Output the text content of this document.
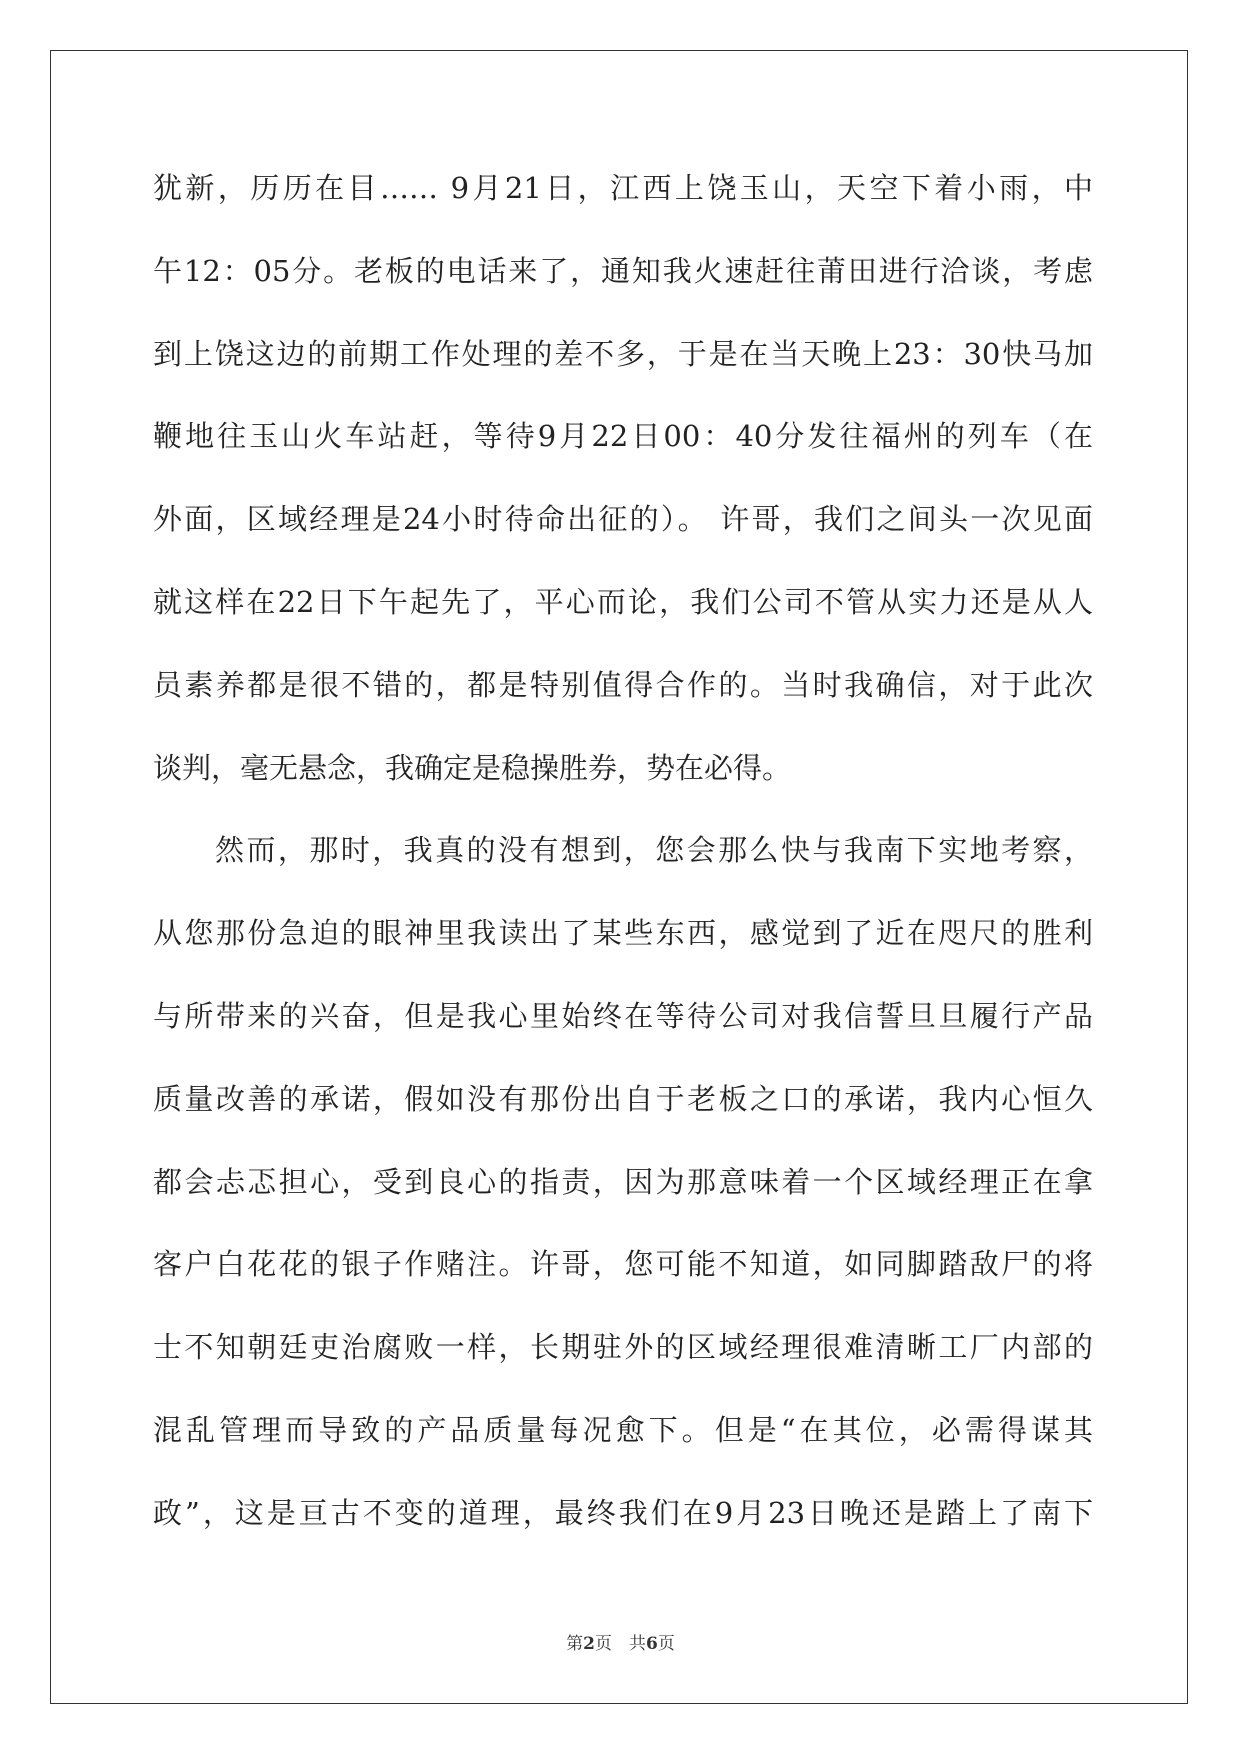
犹新，历历在目…… 9月21日，江西上饶玉山，天空下着小雨，中
午12：05分。老板的电话来了，通知我火速赶往莆田进行洽谈，考虑
到上饶这边的前期工作处理的差不多，于是在当天晚上23：30快马加
鞭地往玉山火车站赶，等待9月22日00：40分发往福州的列车（在
外面，区域经理是24小时待命出征的）。 许哥，我们之间头一次见面
就这样在22日下午起先了，平心而论，我们公司不管从实力还是从人
员素养都是很不错的，都是特别值得合作的。当时我确信，对于此次
谈判，毫无悬念，我确定是稳操胜券，势在必得。
然而，那时，我真的没有想到，您会那么快与我南下实地考察，
从您那份急迫的眼神里我读出了某些东西，感觉到了近在咫尺的胜利
与所带来的兴奋，但是我心里始终在等待公司对我信誓旦旦履行产品
质量改善的承诺，假如没有那份出自于老板之口的承诺，我内心恒久
都会忐忑担心，受到良心的指责，因为那意味着一个区域经理正在拿
客户白花花的银子作赌注。许哥，您可能不知道，如同脚踏敌尸的将
士不知朝廷吏治腐败一样，长期驻外的区域经理很难清晰工厂内部的
混乱管理而导致的产品质量每况愈下。但是“在其位，必需得谋其
政”，这是亘古不变的道理，最终我们在9月23日晚还是踏上了南下
第2页　共6页
